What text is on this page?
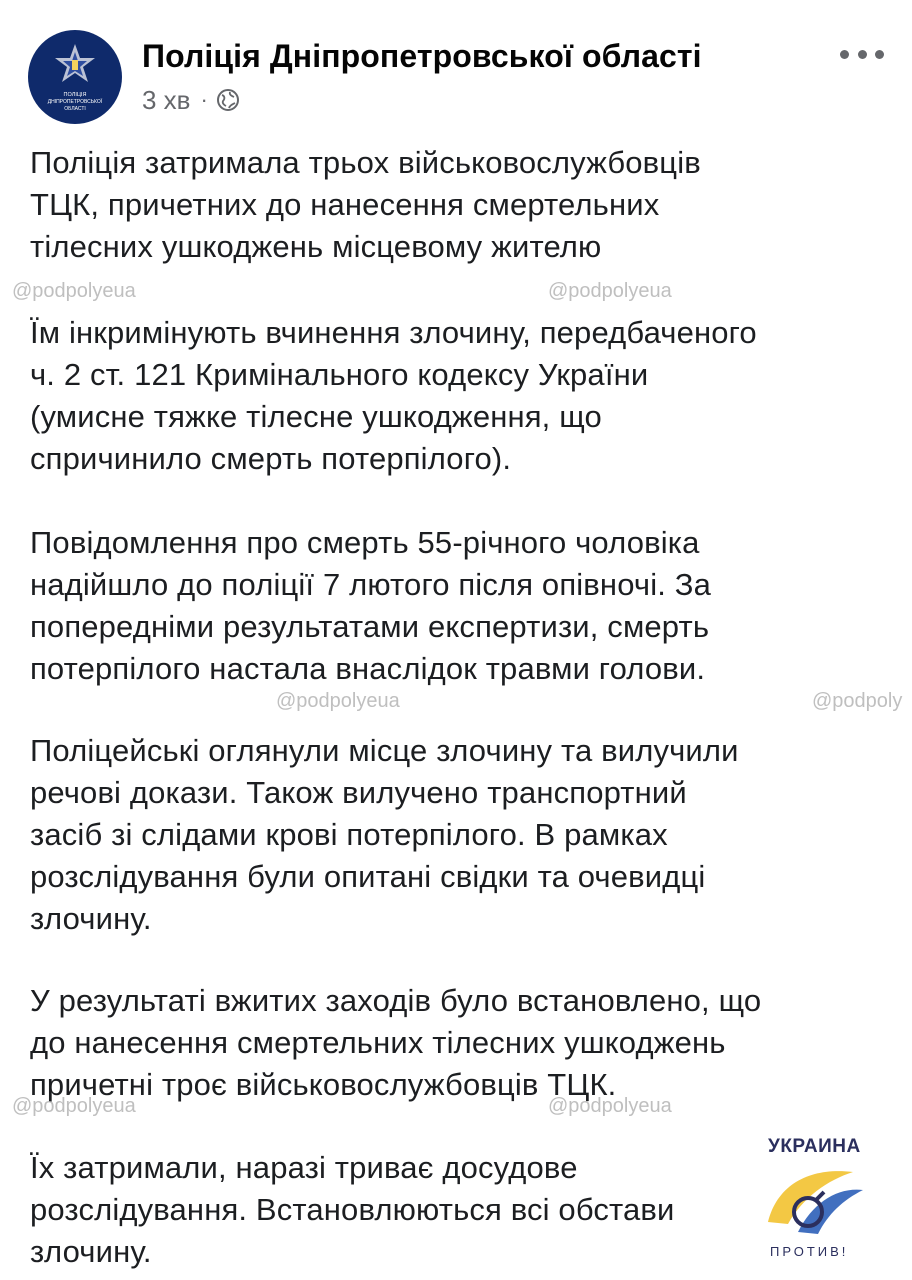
ПОЛІЦІЯ
ДНІПРОПЕТРОВСЬКОЇ
ОБЛАСТІ
Поліція Дніпропетровської області
3 хв ·

Поліція затримала трьох військовослужбовців
ТЦК, причетних до нанесення смертельних
тілесних ушкоджень місцевому жителю

Їм інкримінують вчинення злочину, передбаченого
ч. 2 ст. 121 Кримінального кодексу України
(умисне тяжке тілесне ушкодження, що
спричинило смерть потерпілого).

Повідомлення про смерть 55-річного чоловіка
надійшло до поліції 7 лютого після опівночі. За
попередніми результатами експертизи, смерть
потерпілого настала внаслідок травми голови.

Поліцейські оглянули місце злочину та вилучили
речові докази. Також вилучено транспортний
засіб зі слідами крові потерпілого. В рамках
розслідування були опитані свідки та очевидці
злочину.

У результаті вжитих заходів було встановлено, що
до нанесення смертельних тілесних ушкоджень
причетні троє військовослужбовців ТЦК.

Їх затримали, наразі триває досудове
розслідування. Встановлюються всі обстави
злочину.

@podpolyeua	@podpolyeua
@podpolyeua	@podpoly
@podpolyeua	@podpolyeua
УКРАИНА
ПРОТИВ!
